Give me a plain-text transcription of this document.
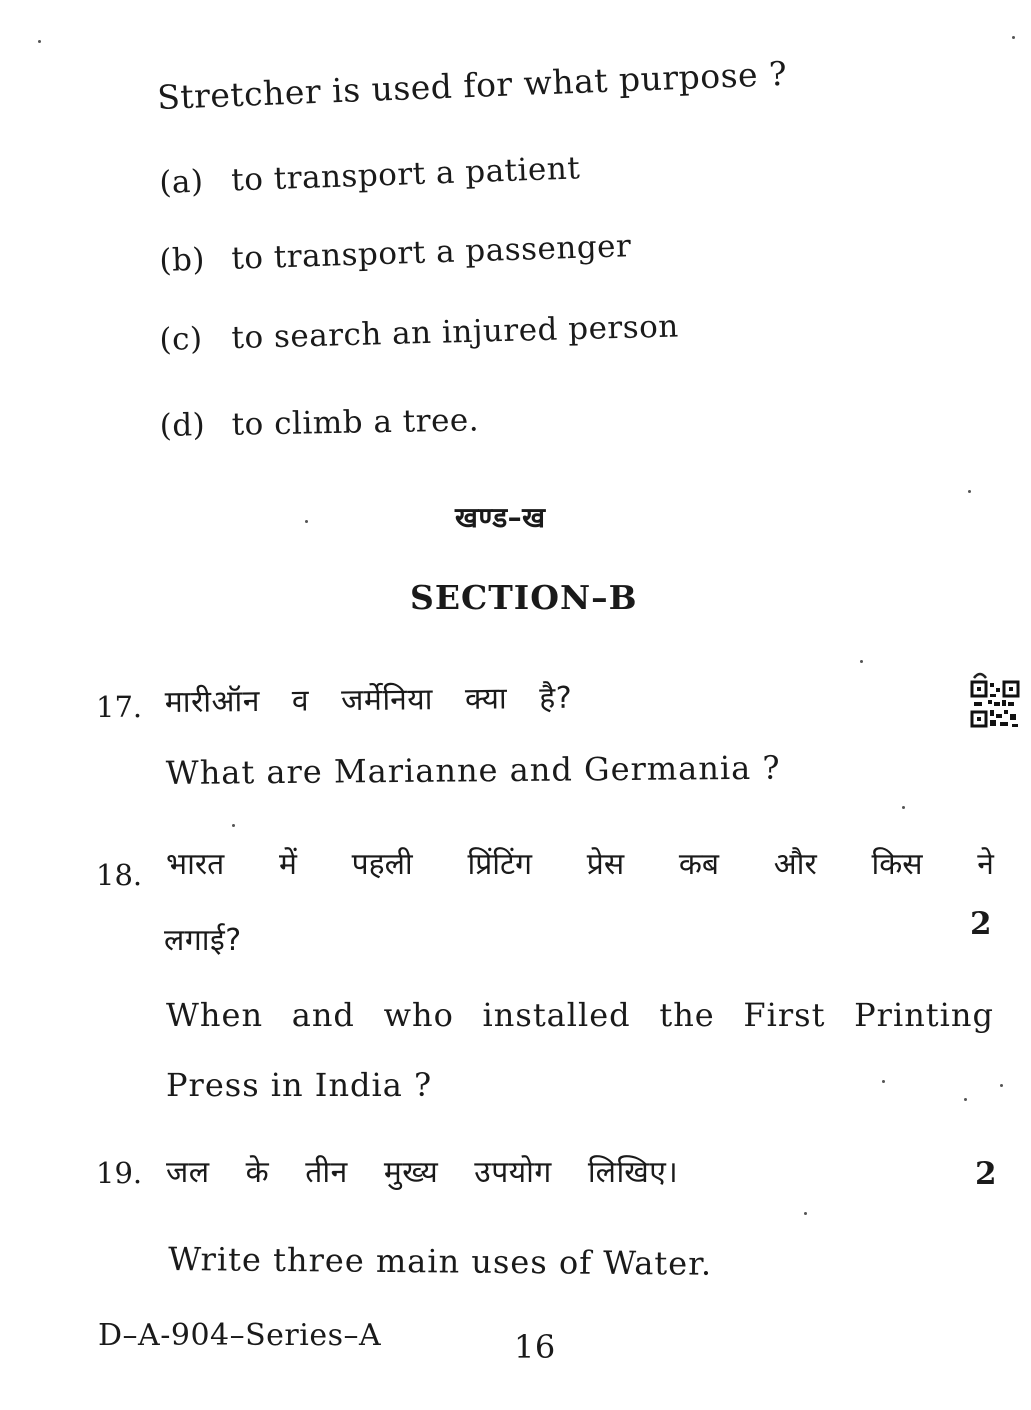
Stretcher is used for what purpose ?
(a) to transport a patient
(b) to transport a passenger
(c) to search an injured person
(d) to climb a tree.
खण्ड–ख
SECTION–B
17. मारीऑन व जर्मेनिया क्या है?
What are Marianne and Germania ?
18. भारत में पहली प्रिंटिंग प्रेस कब और किस ने
लगाई?	2
When and who installed the First Printing
Press in India ?
19. जल के तीन मुख्य उपयोग लिखिए।	2
Write three main uses of Water.
D–A-904–Series–A	16
